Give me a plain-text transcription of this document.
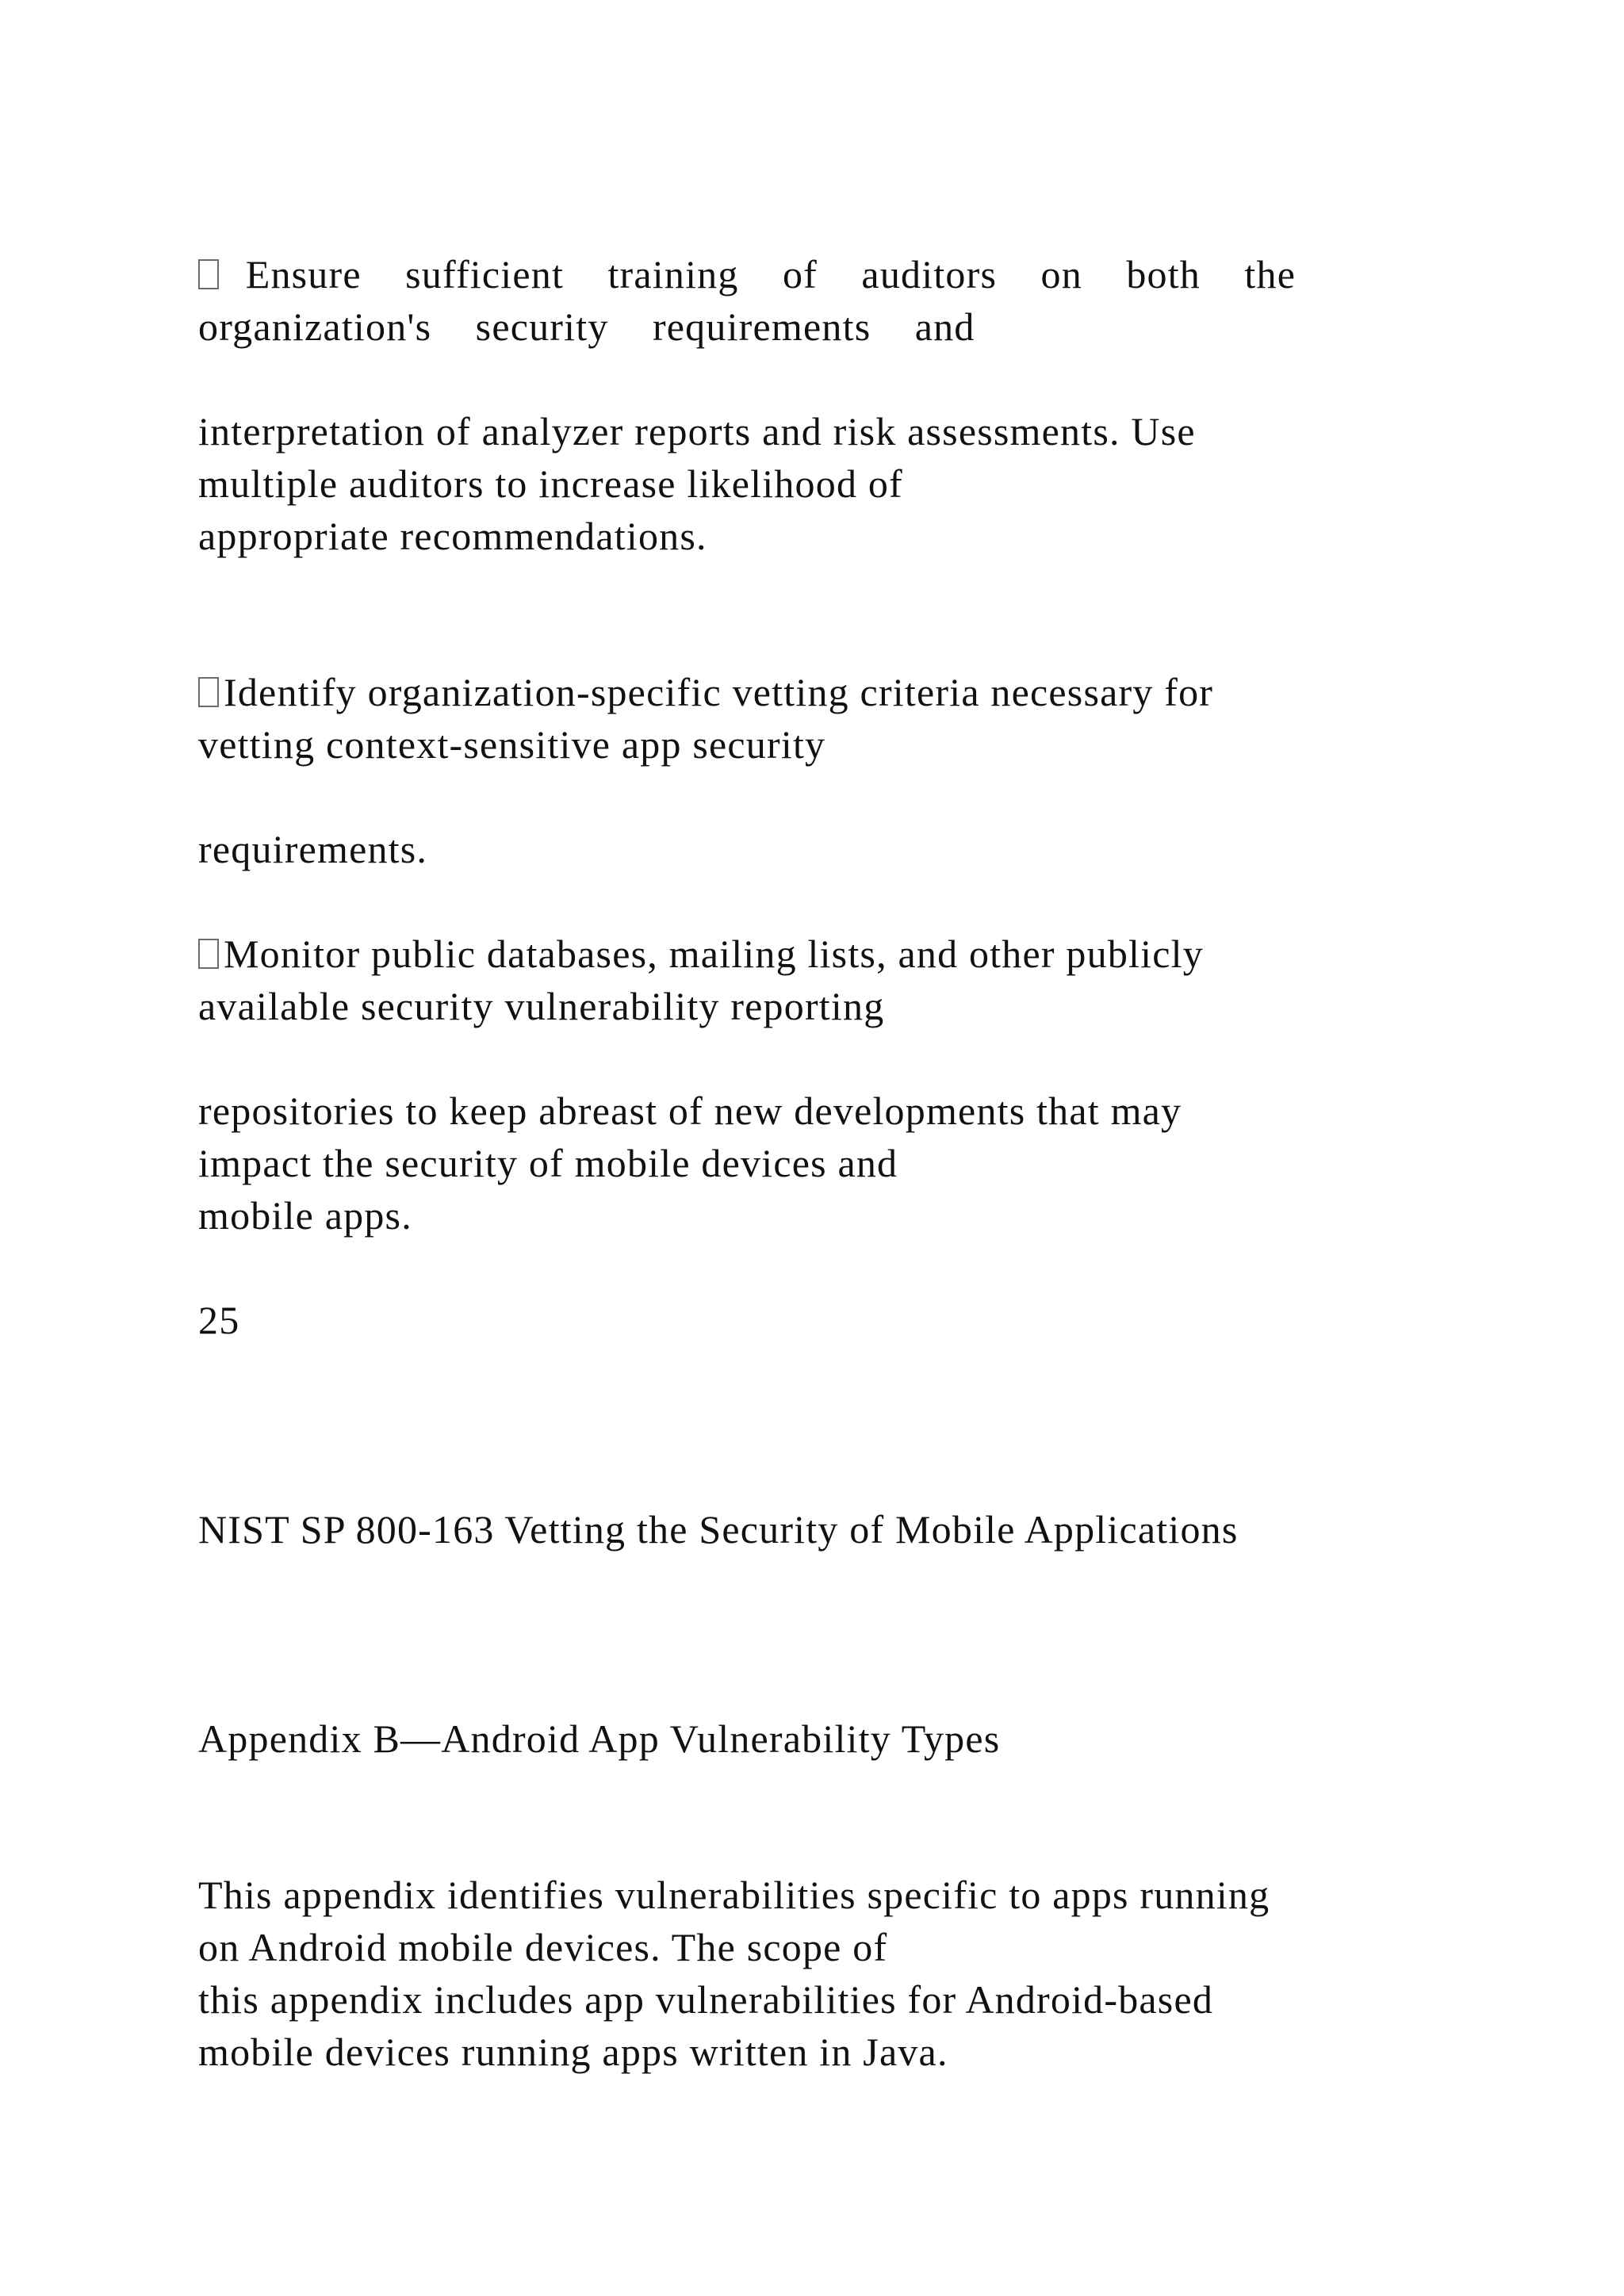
Ensure  sufficient  training  of  auditors  on  both  the
organization's  security  requirements  and
interpretation of analyzer reports and risk assessments. Use
multiple auditors to increase likelihood of
appropriate recommendations.
Identify organization-specific vetting criteria necessary for
vetting context-sensitive app security
requirements.
Monitor public databases, mailing lists, and other publicly
available security vulnerability reporting
repositories to keep abreast of new developments that may
impact the security of mobile devices and
mobile apps.
25
NIST SP 800-163 Vetting the Security of Mobile Applications
Appendix B—Android App Vulnerability Types
This appendix identifies vulnerabilities specific to apps running
on Android mobile devices. The scope of
this appendix includes app vulnerabilities for Android-based
mobile devices running apps written in Java.
